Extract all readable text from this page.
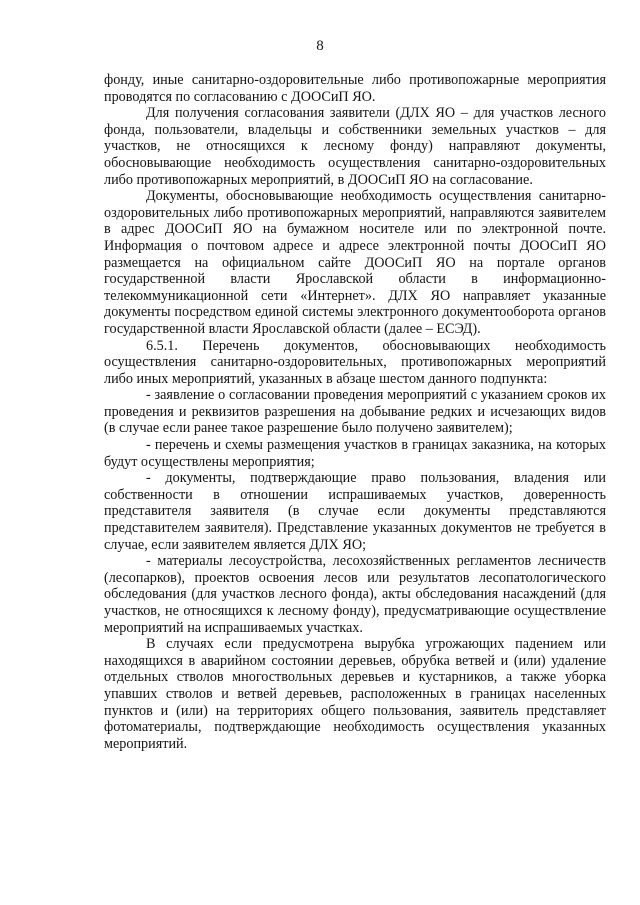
8

фонду, иные санитарно-оздоровительные либо противопожарные мероприятия проводятся по согласованию с ДООСиП ЯО.

Для получения согласования заявители (ДЛХ ЯО – для участков лесного фонда, пользователи, владельцы и собственники земельных участков – для участков, не относящихся к лесному фонду) направляют документы, обосновывающие необходимость осуществления санитарно-оздоровительных либо противопожарных мероприятий, в ДООСиП ЯО на согласование.

Документы, обосновывающие необходимость осуществления санитарно-оздоровительных либо противопожарных мероприятий, направляются заявителем в адрес ДООСиП ЯО на бумажном носителе или по электронной почте. Информация о почтовом адресе и адресе электронной почты ДООСиП ЯО размещается на официальном сайте ДООСиП ЯО на портале органов государственной власти Ярославской области в информационно-телекоммуникационной сети «Интернет». ДЛХ ЯО направляет указанные документы посредством единой системы электронного документооборота органов государственной власти Ярославской области (далее – ЕСЭД).

6.5.1. Перечень документов, обосновывающих необходимость осуществления санитарно-оздоровительных, противопожарных мероприятий либо иных мероприятий, указанных в абзаце шестом данного подпункта:

- заявление о согласовании проведения мероприятий с указанием сроков их проведения и реквизитов разрешения на добывание редких и исчезающих видов (в случае если ранее такое разрешение было получено заявителем);

- перечень и схемы размещения участков в границах заказника, на которых будут осуществлены мероприятия;

- документы, подтверждающие право пользования, владения или собственности в отношении испрашиваемых участков, доверенность представителя заявителя (в случае если документы представляются представителем заявителя). Представление указанных документов не требуется в случае, если заявителем является ДЛХ ЯО;

- материалы лесоустройства, лесохозяйственных регламентов лесничеств (лесопарков), проектов освоения лесов или результатов лесопатологического обследования (для участков лесного фонда), акты обследования насаждений (для участков, не относящихся к лесному фонду), предусматривающие осуществление мероприятий на испрашиваемых участках.

В случаях если предусмотрена вырубка угрожающих падением или находящихся в аварийном состоянии деревьев, обрубка ветвей и (или) удаление отдельных стволов многоствольных деревьев и кустарников, а также уборка упавших стволов и ветвей деревьев, расположенных в границах населенных пунктов и (или) на территориях общего пользования, заявитель представляет фотоматериалы, подтверждающие необходимость осуществления указанных мероприятий.
